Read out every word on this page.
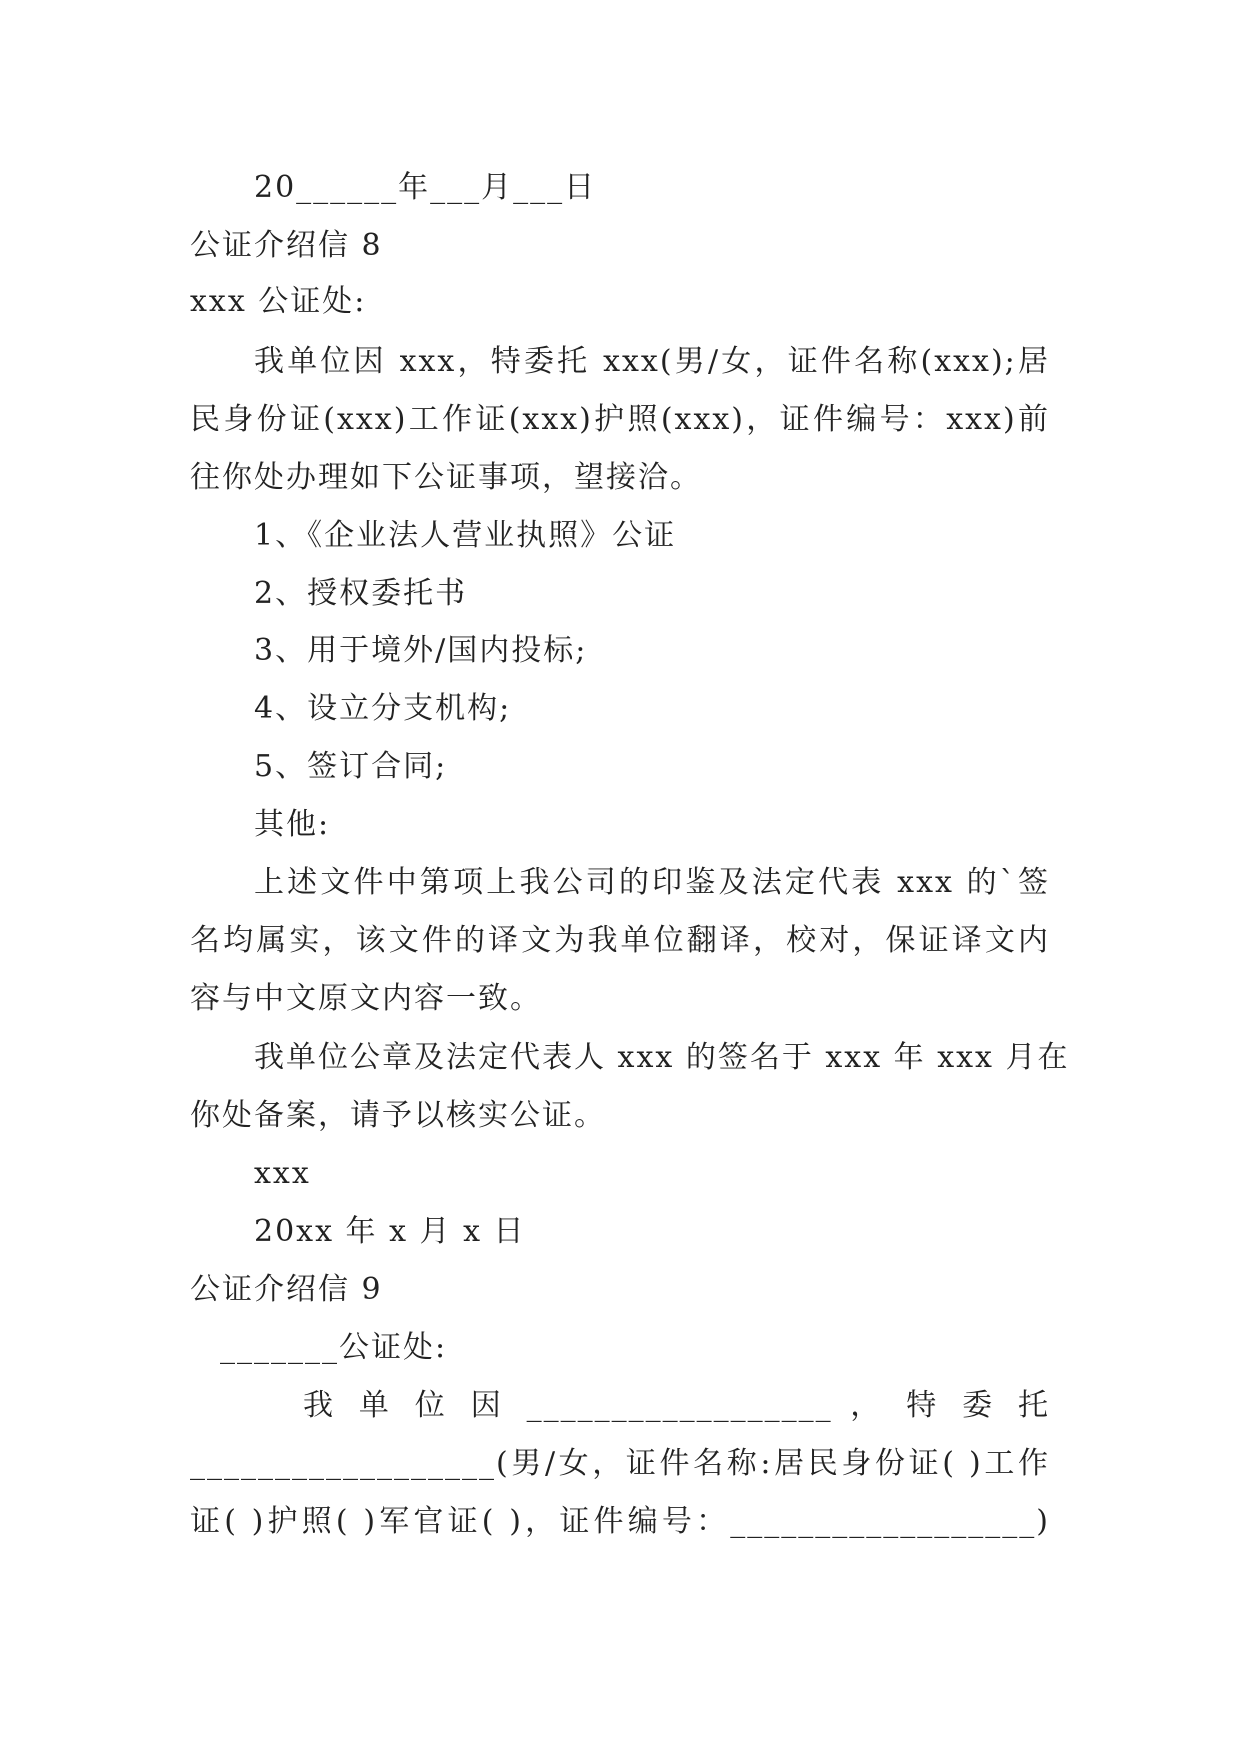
20______年___月___日
公证介绍信 8
xxx 公证处:
我单位因 xxx，特委托 xxx(男/女，证件名称(xxx);居
民身份证(xxx)工作证(xxx)护照(xxx)，证件编号：xxx)前
往你处办理如下公证事项，望接洽。
1、《企业法人营业执照》公证
2、授权委托书
3、用于境外/国内投标;
4、设立分支机构;
5、签订合同;
其他:
上述文件中第项上我公司的印鉴及法定代表 xxx 的`签
名均属实，该文件的译文为我单位翻译，校对，保证译文内
容与中文原文内容一致。
我单位公章及法定代表人 xxx 的签名于 xxx 年 xxx 月在
你处备案，请予以核实公证。
xxx
20xx 年 x 月 x 日
公证介绍信 9
_______公证处:
我 单 位 因 __________________ ， 特 委 托
__________________(男/女，证件名称:居民身份证( )工作
证( )护照( )军官证( )，证件编号：__________________)
